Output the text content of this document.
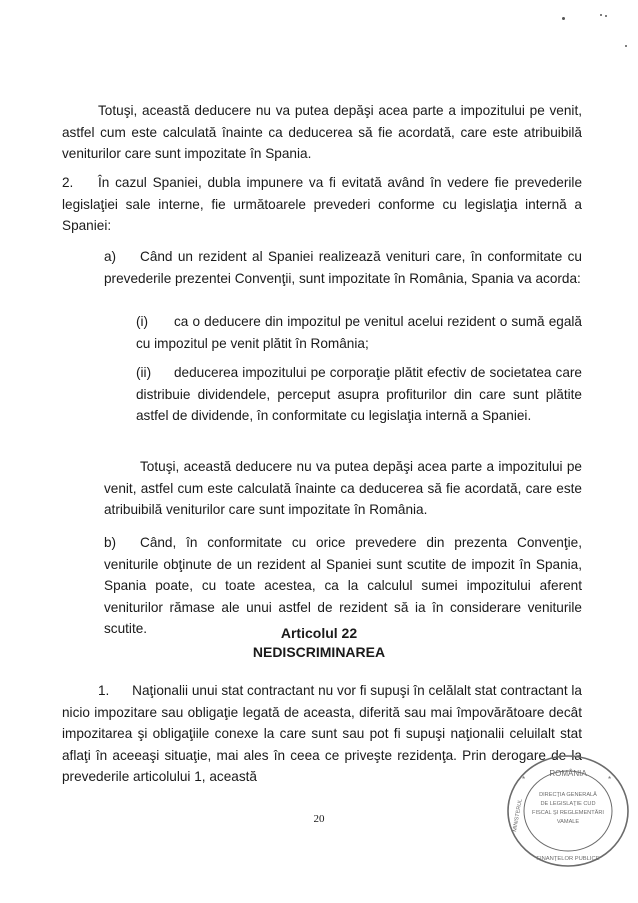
Totuşi, această deducere nu va putea depăşi acea parte a impozitului pe venit, astfel cum este calculată înainte ca deducerea să fie acordată, care este atribuibilă veniturilor care sunt impozitate în Spania.

2. În cazul Spaniei, dubla impunere va fi evitată având în vedere fie prevederile legislaţiei sale interne, fie următoarele prevederi conforme cu legislaţia internă a Spaniei:

a) Când un rezident al Spaniei realizează venituri care, în conformitate cu prevederile prezentei Convenţii, sunt impozitate în România, Spania va acorda:

(i) ca o deducere din impozitul pe venitul acelui rezident o sumă egală cu impozitul pe venit plătit în România;

(ii) deducerea impozitului pe corporaţie plătit efectiv de societatea care distribuie dividendele, perceput asupra profiturilor din care sunt plătite astfel de dividende, în conformitate cu legislaţia internă a Spaniei.

Totuşi, această deducere nu va putea depăşi acea parte a impozitului pe venit, astfel cum este calculată înainte ca deducerea să fie acordată, care este atribuibilă veniturilor care sunt impozitate în România.

b) Când, în conformitate cu orice prevedere din prezenta Convenţie, veniturile obţinute de un rezident al Spaniei sunt scutite de impozit în Spania, Spania poate, cu toate acestea, ca la calculul sumei impozitului aferent veniturilor rămase ale unui astfel de rezident să ia în considerare veniturile scutite.	Articolul 22

NEDISCRIMINAREA

1. Naţionalii unui stat contractant nu vor fi supuşi în celălalt stat contractant la nicio impozitare sau obligaţie legată de aceasta, diferită sau mai împovărătoare decât impozitarea şi obligaţiile conexe la care sunt sau pot fi supuşi naţionalii celuilalt stat aflaţi în aceeaşi situaţie, mai ales în ceea ce priveşte rezidenţa. Prin derogare de la prevederile articolului 1, această

20
ROMÂNIA
*	*
DIRECŢIA GENERALĂ
DE LEGISLAŢIE CUD
FISCAL ŞI REGLEMENTĂRI
VAMALE
MINISTERUL
FINANŢELOR PUBLICE
